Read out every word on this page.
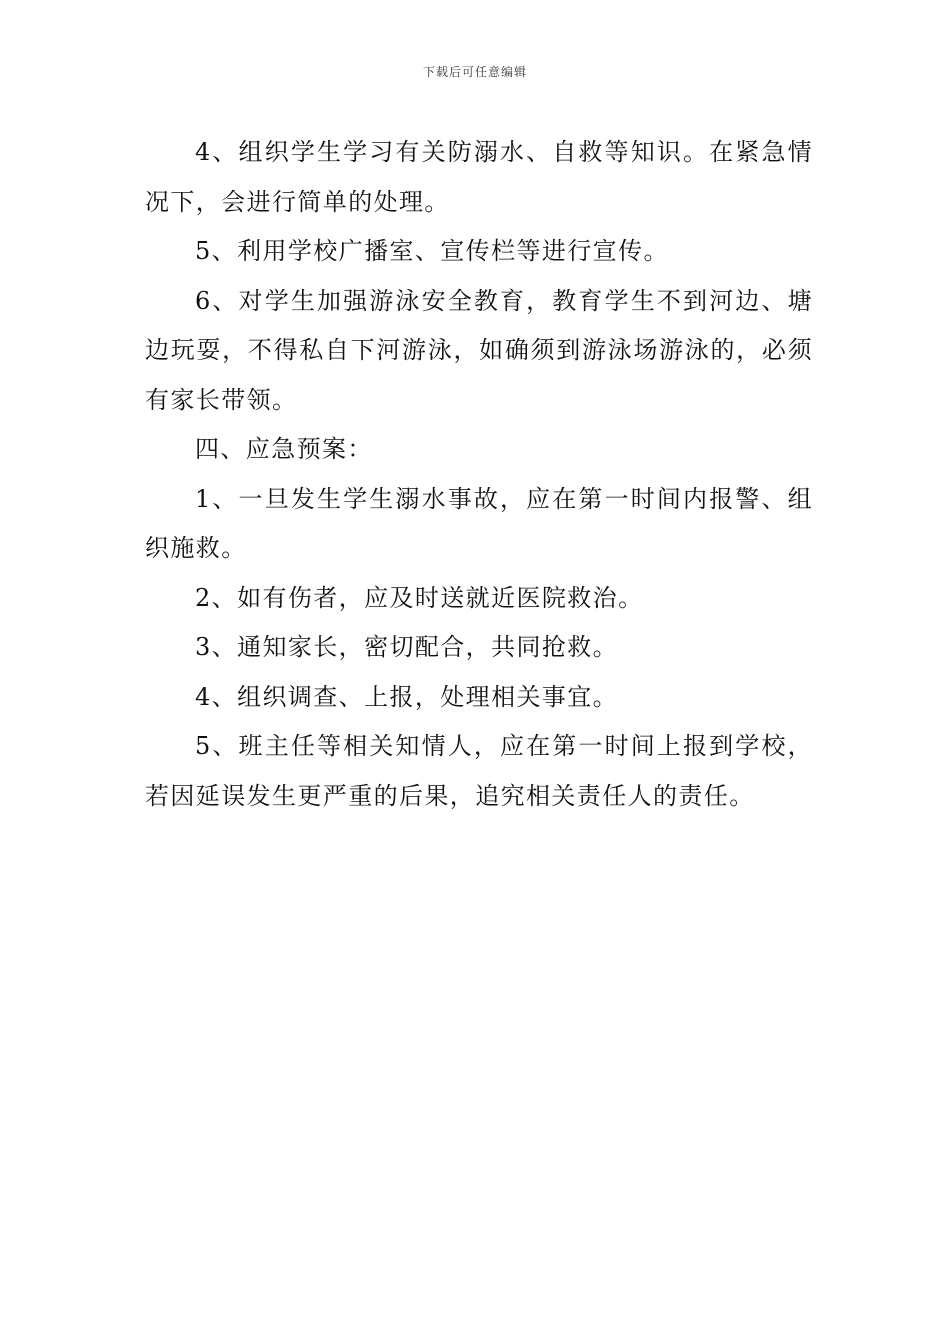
下载后可任意编辑

4、组织学生学习有关防溺水、自救等知识。在紧急情况下，会进行简单的处理。

5、利用学校广播室、宣传栏等进行宣传。

6、对学生加强游泳安全教育，教育学生不到河边、塘边玩耍，不得私自下河游泳，如确须到游泳场游泳的，必须有家长带领。

四、应急预案：

1、一旦发生学生溺水事故，应在第一时间内报警、组织施救。

2、如有伤者，应及时送就近医院救治。

3、通知家长，密切配合，共同抢救。

4、组织调查、上报，处理相关事宜。

5、班主任等相关知情人，应在第一时间上报到学校，若因延误发生更严重的后果，追究相关责任人的责任。
